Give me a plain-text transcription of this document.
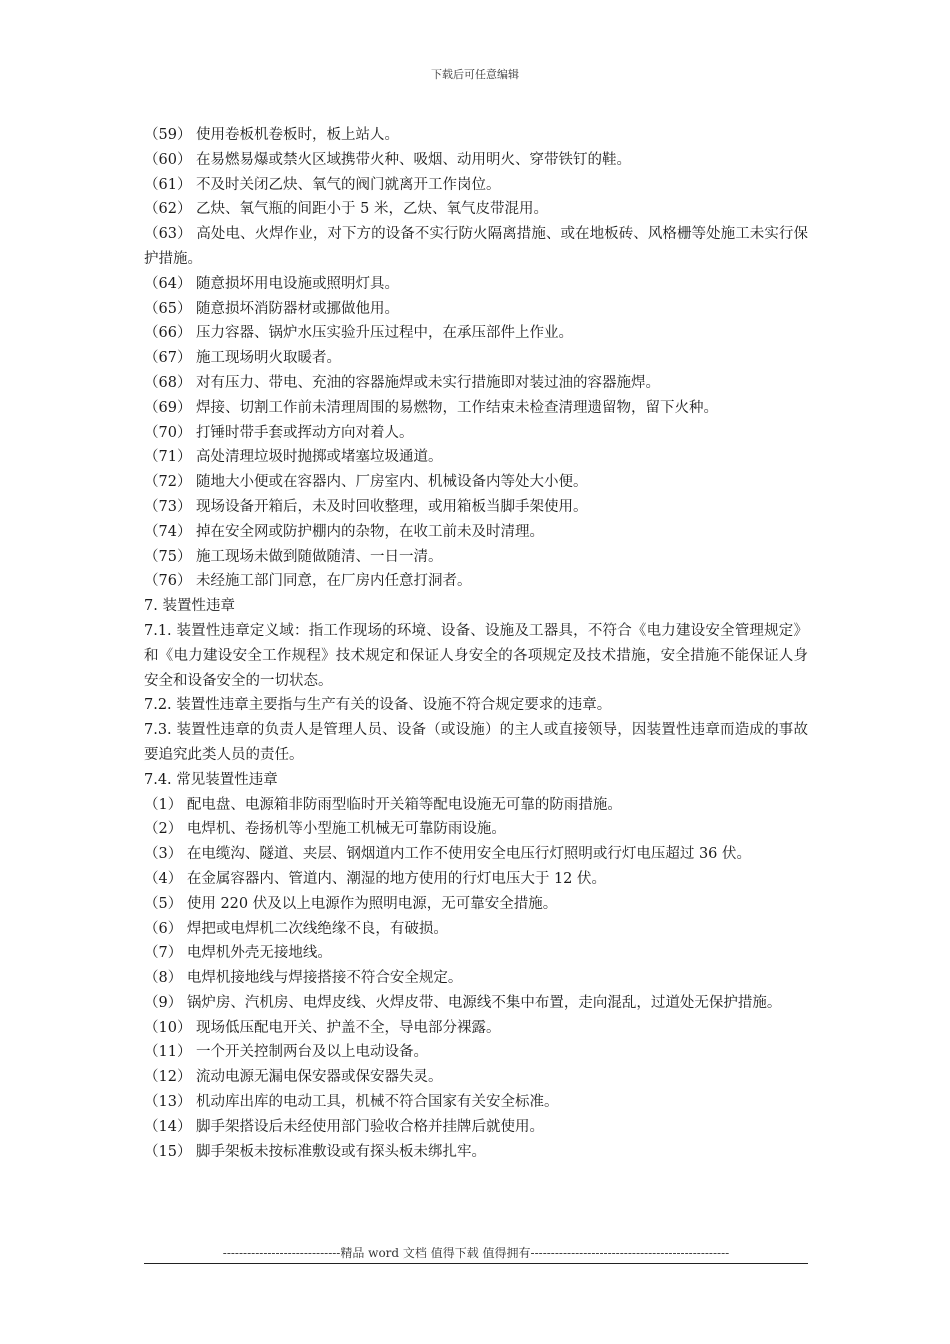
下载后可任意编辑
（59） 使用卷板机卷板时，板上站人。
（60） 在易燃易爆或禁火区域携带火种、吸烟、动用明火、穿带铁钉的鞋。
（61） 不及时关闭乙炔、氧气的阀门就离开工作岗位。
（62） 乙炔、氧气瓶的间距小于 5 米，乙炔、氧气皮带混用。
（63） 高处电、火焊作业，对下方的设备不实行防火隔离措施、或在地板砖、风格栅等处施工未实行保护措施。
（64） 随意损坏用电设施或照明灯具。
（65） 随意损坏消防器材或挪做他用。
（66） 压力容器、锅炉水压实验升压过程中，在承压部件上作业。
（67） 施工现场明火取暖者。
（68） 对有压力、带电、充油的容器施焊或未实行措施即对装过油的容器施焊。
（69） 焊接、切割工作前未清理周围的易燃物，工作结束未检查清理遗留物，留下火种。
（70） 打锤时带手套或挥动方向对着人。
（71） 高处清理垃圾时抛掷或堵塞垃圾通道。
（72） 随地大小便或在容器内、厂房室内、机械设备内等处大小便。
（73） 现场设备开箱后，未及时回收整理，或用箱板当脚手架使用。
（74） 掉在安全网或防护棚内的杂物，在收工前未及时清理。
（75） 施工现场未做到随做随清、一日一清。
（76） 未经施工部门同意，在厂房内任意打洞者。
7. 装置性违章
7.1. 装置性违章定义域：指工作现场的环境、设备、设施及工器具，不符合《电力建设安全管理规定》和《电力建设安全工作规程》技术规定和保证人身安全的各项规定及技术措施，安全措施不能保证人身安全和设备安全的一切状态。
7.2. 装置性违章主要指与生产有关的设备、设施不符合规定要求的违章。
7.3. 装置性违章的负责人是管理人员、设备（或设施）的主人或直接领导，因装置性违章而造成的事故要追究此类人员的责任。
7.4. 常见装置性违章
（1） 配电盘、电源箱非防雨型临时开关箱等配电设施无可靠的防雨措施。
（2） 电焊机、卷扬机等小型施工机械无可靠防雨设施。
（3） 在电缆沟、隧道、夹层、钢烟道内工作不使用安全电压行灯照明或行灯电压超过 36 伏。
（4） 在金属容器内、管道内、潮湿的地方使用的行灯电压大于 12 伏。
（5） 使用 220 伏及以上电源作为照明电源，无可靠安全措施。
（6） 焊把或电焊机二次线绝缘不良，有破损。
（7） 电焊机外壳无接地线。
（8） 电焊机接地线与焊接搭接不符合安全规定。
（9） 锅炉房、汽机房、电焊皮线、火焊皮带、电源线不集中布置，走向混乱，过道处无保护措施。
（10） 现场低压配电开关、护盖不全，导电部分裸露。
（11） 一个开关控制两台及以上电动设备。
（12） 流动电源无漏电保安器或保安器失灵。
（13） 机动库出库的电动工具，机械不符合国家有关安全标准。
（14） 脚手架搭设后未经使用部门验收合格并挂牌后就使用。
（15） 脚手架板未按标准敷设或有探头板未绑扎牢。
-----------------------------精品 word 文档 值得下载 值得拥有-------------------------------------------------
